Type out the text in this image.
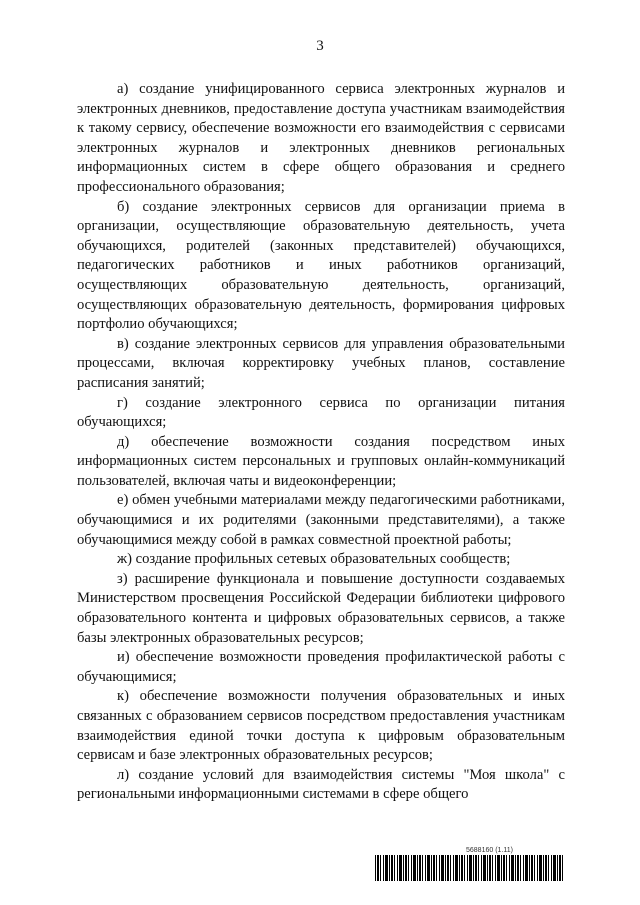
3

а) создание унифицированного сервиса электронных журналов и электронных дневников, предоставление доступа участникам взаимодействия к такому сервису, обеспечение возможности его взаимодействия с сервисами электронных журналов и электронных дневников региональных информационных систем в сфере общего образования и среднего профессионального образования;

б) создание электронных сервисов для организации приема в организации, осуществляющие образовательную деятельность, учета обучающихся, родителей (законных представителей) обучающихся, педагогических работников и иных работников организаций, осуществляющих образовательную деятельность, организаций, осуществляющих образовательную деятельность, формирования цифровых портфолио обучающихся;

в) создание электронных сервисов для управления образовательными процессами, включая корректировку учебных планов, составление расписания занятий;

г) создание электронного сервиса по организации питания обучающихся;

д) обеспечение возможности создания посредством иных информационных систем персональных и групповых онлайн-коммуникаций пользователей, включая чаты и видеоконференции;

е) обмен учебными материалами между педагогическими работниками, обучающимися и их родителями (законными представителями), а также обучающимися между собой в рамках совместной проектной работы;

ж) создание профильных сетевых образовательных сообществ;

з) расширение функционала и повышение доступности создаваемых Министерством просвещения Российской Федерации библиотеки цифрового образовательного контента и цифровых образовательных сервисов, а также базы электронных образовательных ресурсов;

и) обеспечение возможности проведения профилактической работы с обучающимися;

к) обеспечение возможности получения образовательных и иных связанных с образованием сервисов посредством предоставления участникам взаимодействия единой точки доступа к цифровым образовательным сервисам и базе электронных образовательных ресурсов;

л) создание условий для взаимодействия системы "Моя школа" с региональными информационными системами в сфере общего

5688160 (1.11)
